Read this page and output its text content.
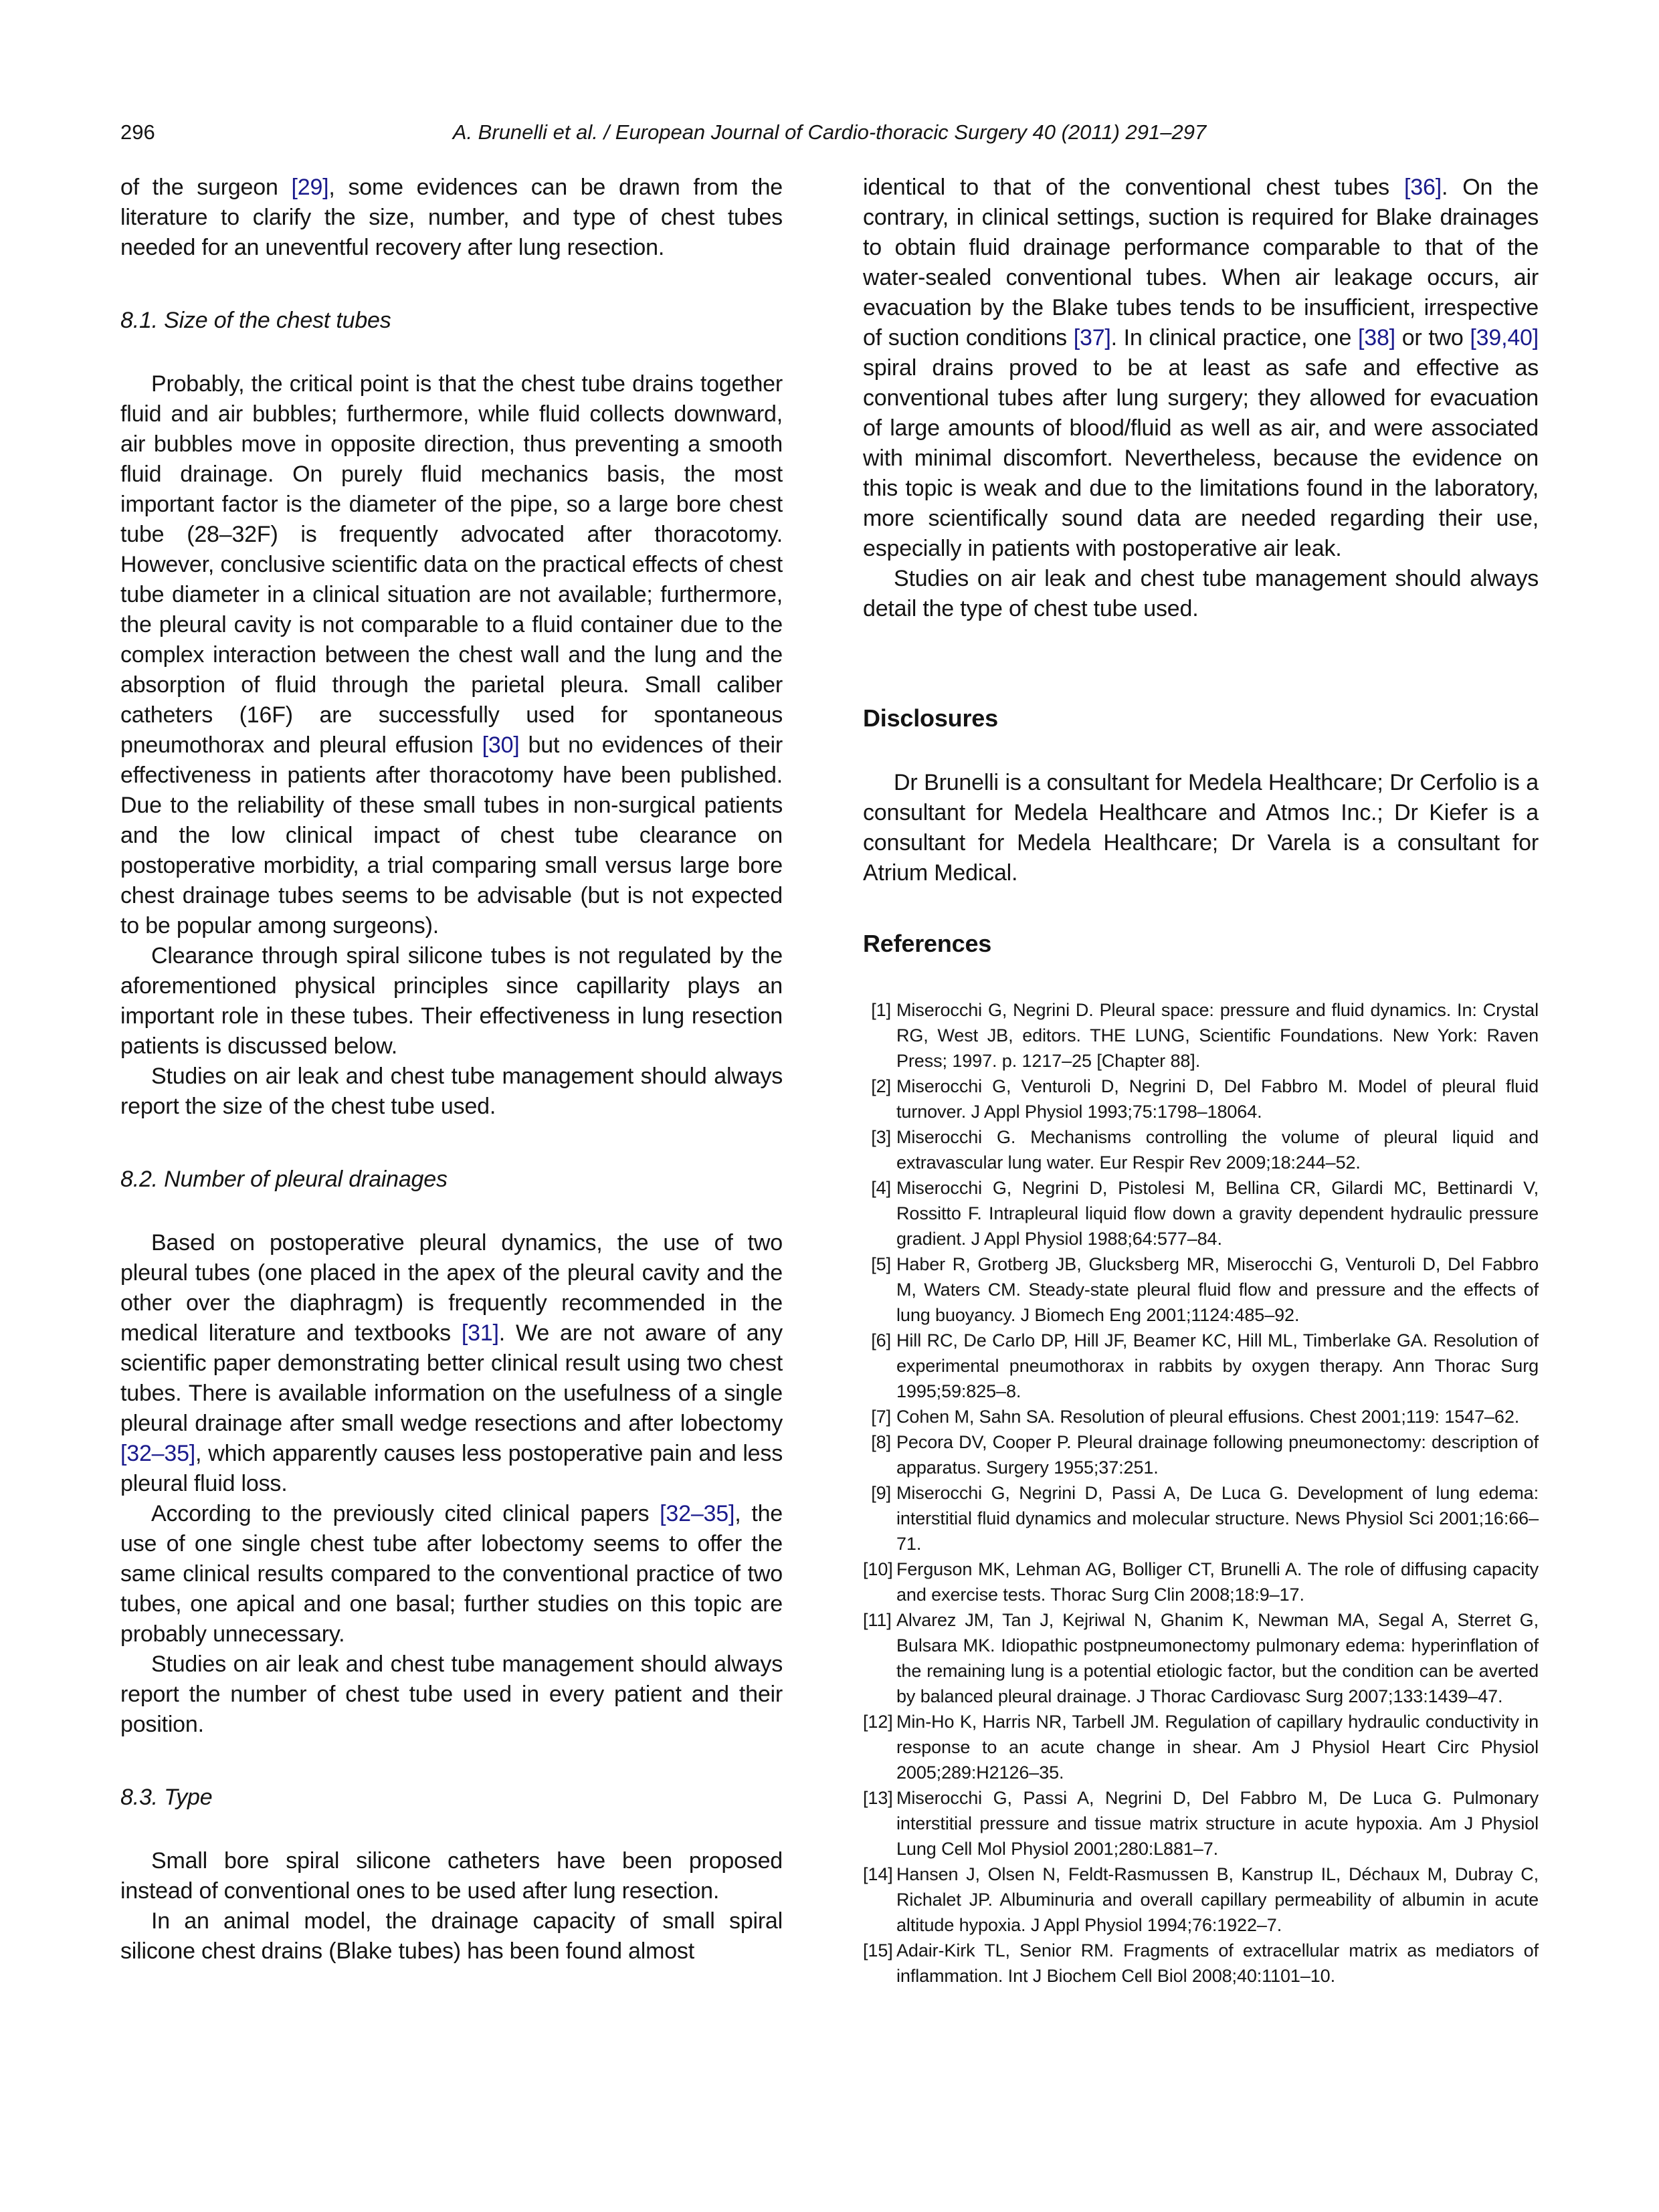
296	A. Brunelli et al. / European Journal of Cardio-thoracic Surgery 40 (2011) 291–297

of the surgeon [29], some evidences can be drawn from the literature to clarify the size, number, and type of chest tubes needed for an uneventful recovery after lung resection.

8.1. Size of the chest tubes

Probably, the critical point is that the chest tube drains together fluid and air bubbles; furthermore, while fluid collects downward, air bubbles move in opposite direction, thus preventing a smooth fluid drainage. On purely fluid mechanics basis, the most important factor is the diameter of the pipe, so a large bore chest tube (28–32F) is frequently advocated after thoracotomy. However, conclusive scientific data on the practical effects of chest tube diameter in a clinical situation are not available; furthermore, the pleural cavity is not comparable to a fluid container due to the complex interaction between the chest wall and the lung and the absorption of fluid through the parietal pleura. Small caliber catheters (16F) are successfully used for spontaneous pneumothorax and pleural effusion [30] but no evidences of their effectiveness in patients after thoracotomy have been published. Due to the reliability of these small tubes in non-surgical patients and the low clinical impact of chest tube clearance on postoperative morbidity, a trial comparing small versus large bore chest drainage tubes seems to be advisable (but is not expected to be popular among surgeons).

Clearance through spiral silicone tubes is not regulated by the aforementioned physical principles since capillarity plays an important role in these tubes. Their effectiveness in lung resection patients is discussed below.

Studies on air leak and chest tube management should always report the size of the chest tube used.

8.2. Number of pleural drainages

Based on postoperative pleural dynamics, the use of two pleural tubes (one placed in the apex of the pleural cavity and the other over the diaphragm) is frequently recommended in the medical literature and textbooks [31]. We are not aware of any scientific paper demonstrating better clinical result using two chest tubes. There is available information on the usefulness of a single pleural drainage after small wedge resections and after lobectomy [32–35], which apparently causes less postoperative pain and less pleural fluid loss.

According to the previously cited clinical papers [32–35], the use of one single chest tube after lobectomy seems to offer the same clinical results compared to the conventional practice of two tubes, one apical and one basal; further studies on this topic are probably unnecessary.

Studies on air leak and chest tube management should always report the number of chest tube used in every patient and their position.

8.3. Type

Small bore spiral silicone catheters have been proposed instead of conventional ones to be used after lung resection.

In an animal model, the drainage capacity of small spiral silicone chest drains (Blake tubes) has been found almost

identical to that of the conventional chest tubes [36]. On the contrary, in clinical settings, suction is required for Blake drainages to obtain fluid drainage performance comparable to that of the water-sealed conventional tubes. When air leakage occurs, air evacuation by the Blake tubes tends to be insufficient, irrespective of suction conditions [37]. In clinical practice, one [38] or two [39,40] spiral drains proved to be at least as safe and effective as conventional tubes after lung surgery; they allowed for evacuation of large amounts of blood/fluid as well as air, and were associated with minimal discomfort. Nevertheless, because the evidence on this topic is weak and due to the limitations found in the laboratory, more scientifically sound data are needed regarding their use, especially in patients with postoperative air leak.

Studies on air leak and chest tube management should always detail the type of chest tube used.

Disclosures

Dr Brunelli is a consultant for Medela Healthcare; Dr Cerfolio is a consultant for Medela Healthcare and Atmos Inc.; Dr Kiefer is a consultant for Medela Healthcare; Dr Varela is a consultant for Atrium Medical.

References
[1] Miserocchi G, Negrini D. Pleural space: pressure and fluid dynamics. In: Crystal RG, West JB, editors. THE LUNG, Scientific Foundations. New York: Raven Press; 1997. p. 1217–25 [Chapter 88].
[2] Miserocchi G, Venturoli D, Negrini D, Del Fabbro M. Model of pleural fluid turnover. J Appl Physiol 1993;75:1798–18064.
[3] Miserocchi G. Mechanisms controlling the volume of pleural liquid and extravascular lung water. Eur Respir Rev 2009;18:244–52.
[4] Miserocchi G, Negrini D, Pistolesi M, Bellina CR, Gilardi MC, Bettinardi V, Rossitto F. Intrapleural liquid flow down a gravity dependent hydraulic pressure gradient. J Appl Physiol 1988;64:577–84.
[5] Haber R, Grotberg JB, Glucksberg MR, Miserocchi G, Venturoli D, Del Fabbro M, Waters CM. Steady-state pleural fluid flow and pressure and the effects of lung buoyancy. J Biomech Eng 2001;1124:485–92.
[6] Hill RC, De Carlo DP, Hill JF, Beamer KC, Hill ML, Timberlake GA. Resolution of experimental pneumothorax in rabbits by oxygen therapy. Ann Thorac Surg 1995;59:825–8.
[7] Cohen M, Sahn SA. Resolution of pleural effusions. Chest 2001;119: 1547–62.
[8] Pecora DV, Cooper P. Pleural drainage following pneumonectomy: description of apparatus. Surgery 1955;37:251.
[9] Miserocchi G, Negrini D, Passi A, De Luca G. Development of lung edema: interstitial fluid dynamics and molecular structure. News Physiol Sci 2001;16:66–71.
[10] Ferguson MK, Lehman AG, Bolliger CT, Brunelli A. The role of diffusing capacity and exercise tests. Thorac Surg Clin 2008;18:9–17.
[11] Alvarez JM, Tan J, Kejriwal N, Ghanim K, Newman MA, Segal A, Sterret G, Bulsara MK. Idiopathic postpneumonectomy pulmonary edema: hyperinflation of the remaining lung is a potential etiologic factor, but the condition can be averted by balanced pleural drainage. J Thorac Cardiovasc Surg 2007;133:1439–47.
[12] Min-Ho K, Harris NR, Tarbell JM. Regulation of capillary hydraulic conductivity in response to an acute change in shear. Am J Physiol Heart Circ Physiol 2005;289:H2126–35.
[13] Miserocchi G, Passi A, Negrini D, Del Fabbro M, De Luca G. Pulmonary interstitial pressure and tissue matrix structure in acute hypoxia. Am J Physiol Lung Cell Mol Physiol 2001;280:L881–7.
[14] Hansen J, Olsen N, Feldt-Rasmussen B, Kanstrup IL, Déchaux M, Dubray C, Richalet JP. Albuminuria and overall capillary permeability of albumin in acute altitude hypoxia. J Appl Physiol 1994;76:1922–7.
[15] Adair-Kirk TL, Senior RM. Fragments of extracellular matrix as mediators of inflammation. Int J Biochem Cell Biol 2008;40:1101–10.
